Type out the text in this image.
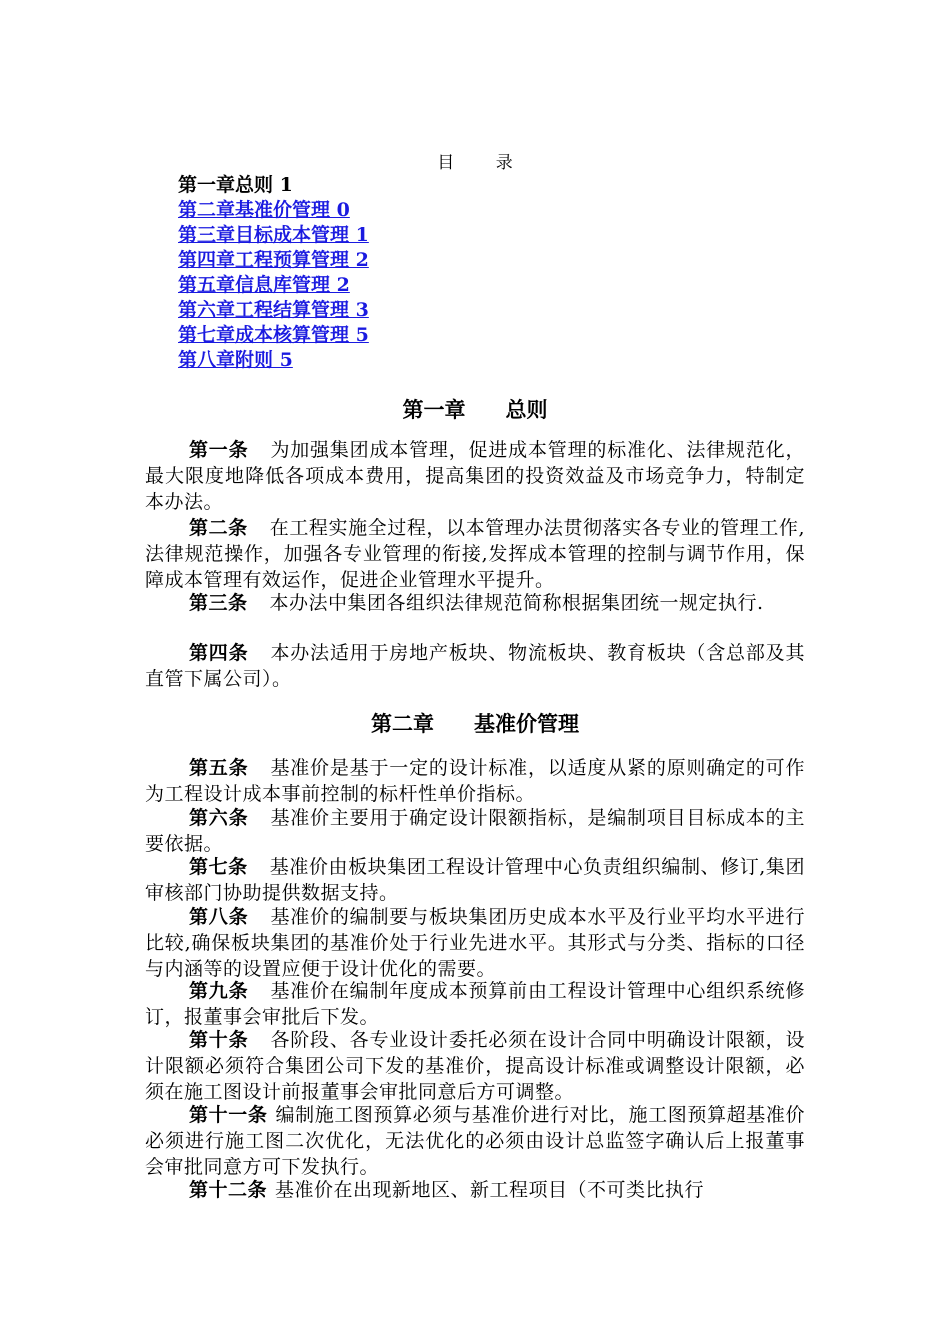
目 录
第一章总则 1
第二章基准价管理 0
第三章目标成本管理 1
第四章工程预算管理 2
第五章信息库管理 2
第六章工程结算管理 3
第七章成本核算管理 5
第八章附则 5
第一章 总则
第一条 为加强集团成本管理，促进成本管理的标准化、法律规范化，最大限度地降低各项成本费用，提高集团的投资效益及市场竞争力，特制定本办法。
第二条 在工程实施全过程，以本管理办法贯彻落实各专业的管理工作,法律规范操作，加强各专业管理的衔接,发挥成本管理的控制与调节作用，保障成本管理有效运作，促进企业管理水平提升。
第三条 本办法中集团各组织法律规范简称根据集团统一规定执行.
第四条 本办法适用于房地产板块、物流板块、教育板块（含总部及其直管下属公司）。
第二章 基准价管理
第五条 基准价是基于一定的设计标准，以适度从紧的原则确定的可作为工程设计成本事前控制的标杆性单价指标。
第六条 基准价主要用于确定设计限额指标，是编制项目目标成本的主要依据。
第七条 基准价由板块集团工程设计管理中心负责组织编制、修订,集团审核部门协助提供数据支持。
第八条 基准价的编制要与板块集团历史成本水平及行业平均水平进行比较,确保板块集团的基准价处于行业先进水平。其形式与分类、指标的口径与内涵等的设置应便于设计优化的需要。
第九条 基准价在编制年度成本预算前由工程设计管理中心组织系统修订，报董事会审批后下发。
第十条 各阶段、各专业设计委托必须在设计合同中明确设计限额，设计限额必须符合集团公司下发的基准价，提高设计标准或调整设计限额，必须在施工图设计前报董事会审批同意后方可调整。
第十一条 编制施工图预算必须与基准价进行对比，施工图预算超基准价必须进行施工图二次优化，无法优化的必须由设计总监签字确认后上报董事会审批同意方可下发执行。
第十二条 基准价在出现新地区、新工程项目（不可类比执行
